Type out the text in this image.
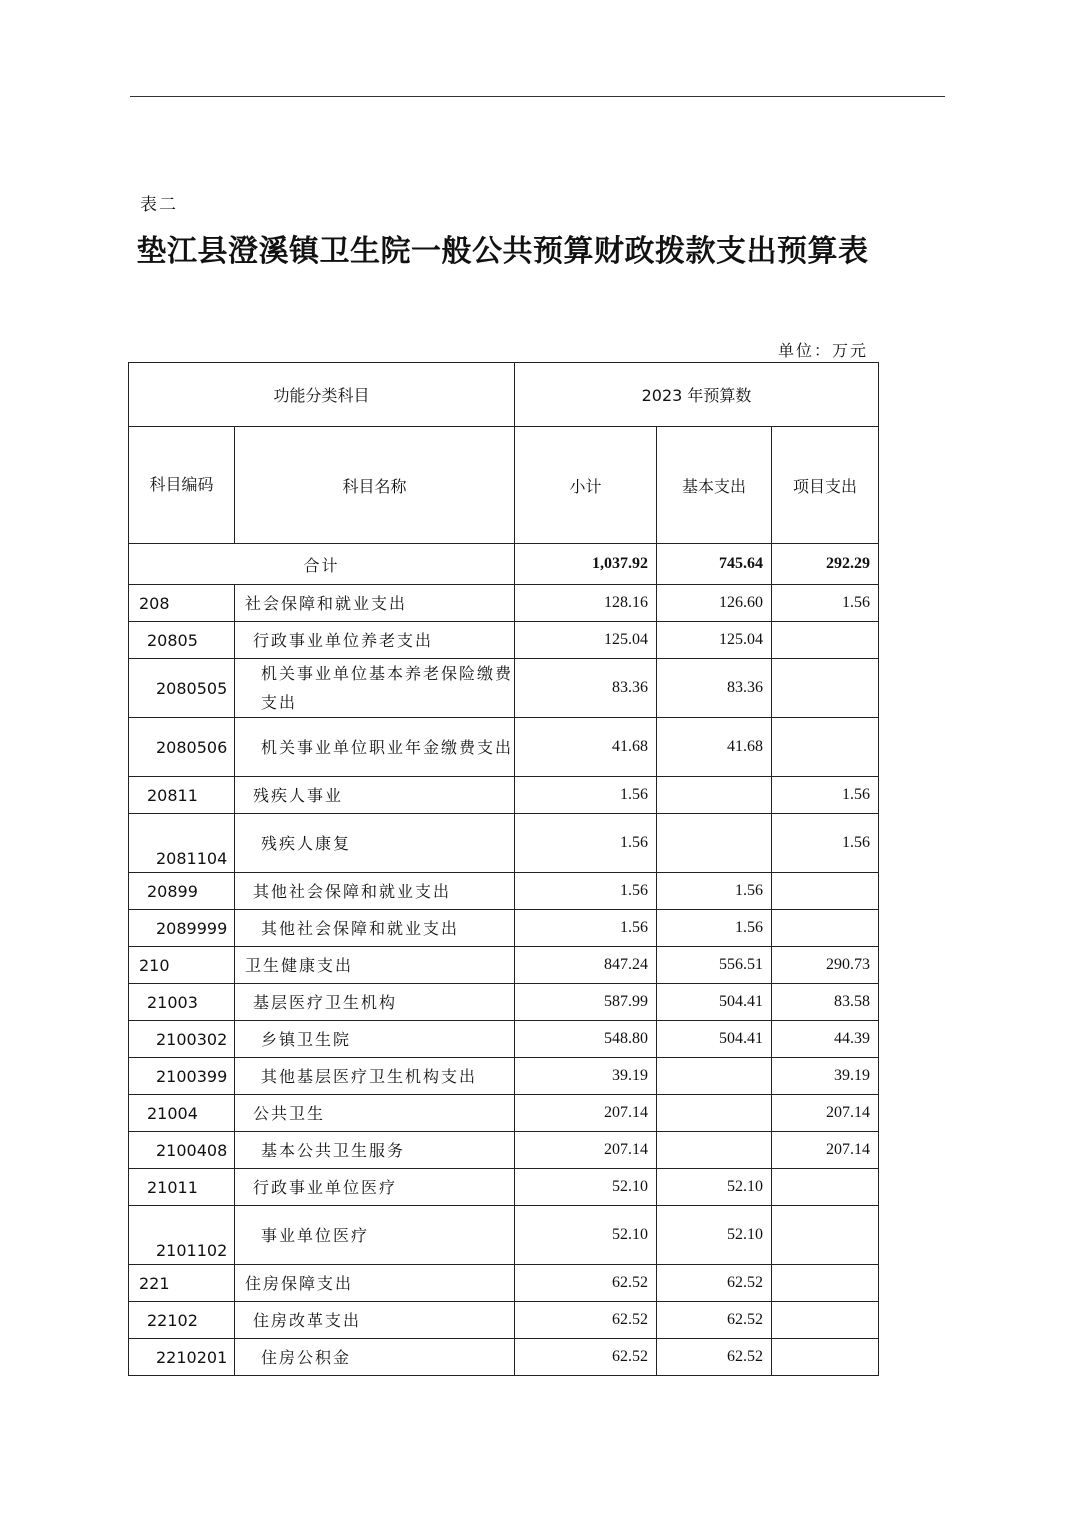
表二
垫江县澄溪镇卫生院一般公共预算财政拨款支出预算表
单位：万元
功能分类科目		2023 年预算数		

科目编码	科目名称	小计	基本支出	项目支出
合计		1,037.92	745.64	292.29
208	社会保障和就业支出	128.16	126.60	1.56
20805	行政事业单位养老支出	125.04	125.04	
2080505	机关事业单位基本养老保险缴费支出	83.36	83.36	
2080506	机关事业单位职业年金缴费支出	41.68	41.68	
20811	残疾人事业	1.56		1.56
2081104	残疾人康复	1.56		1.56
20899	其他社会保障和就业支出	1.56	1.56	
2089999	其他社会保障和就业支出	1.56	1.56	
210	卫生健康支出	847.24	556.51	290.73
21003	基层医疗卫生机构	587.99	504.41	83.58
2100302	乡镇卫生院	548.80	504.41	44.39
2100399	其他基层医疗卫生机构支出	39.19		39.19
21004	公共卫生	207.14		207.14
2100408	基本公共卫生服务	207.14		207.14
21011	行政事业单位医疗	52.10	52.10	
2101102	事业单位医疗	52.10	52.10	
221	住房保障支出	62.52	62.52	
22102	住房改革支出	62.52	62.52	
2210201	住房公积金	62.52	62.52	
